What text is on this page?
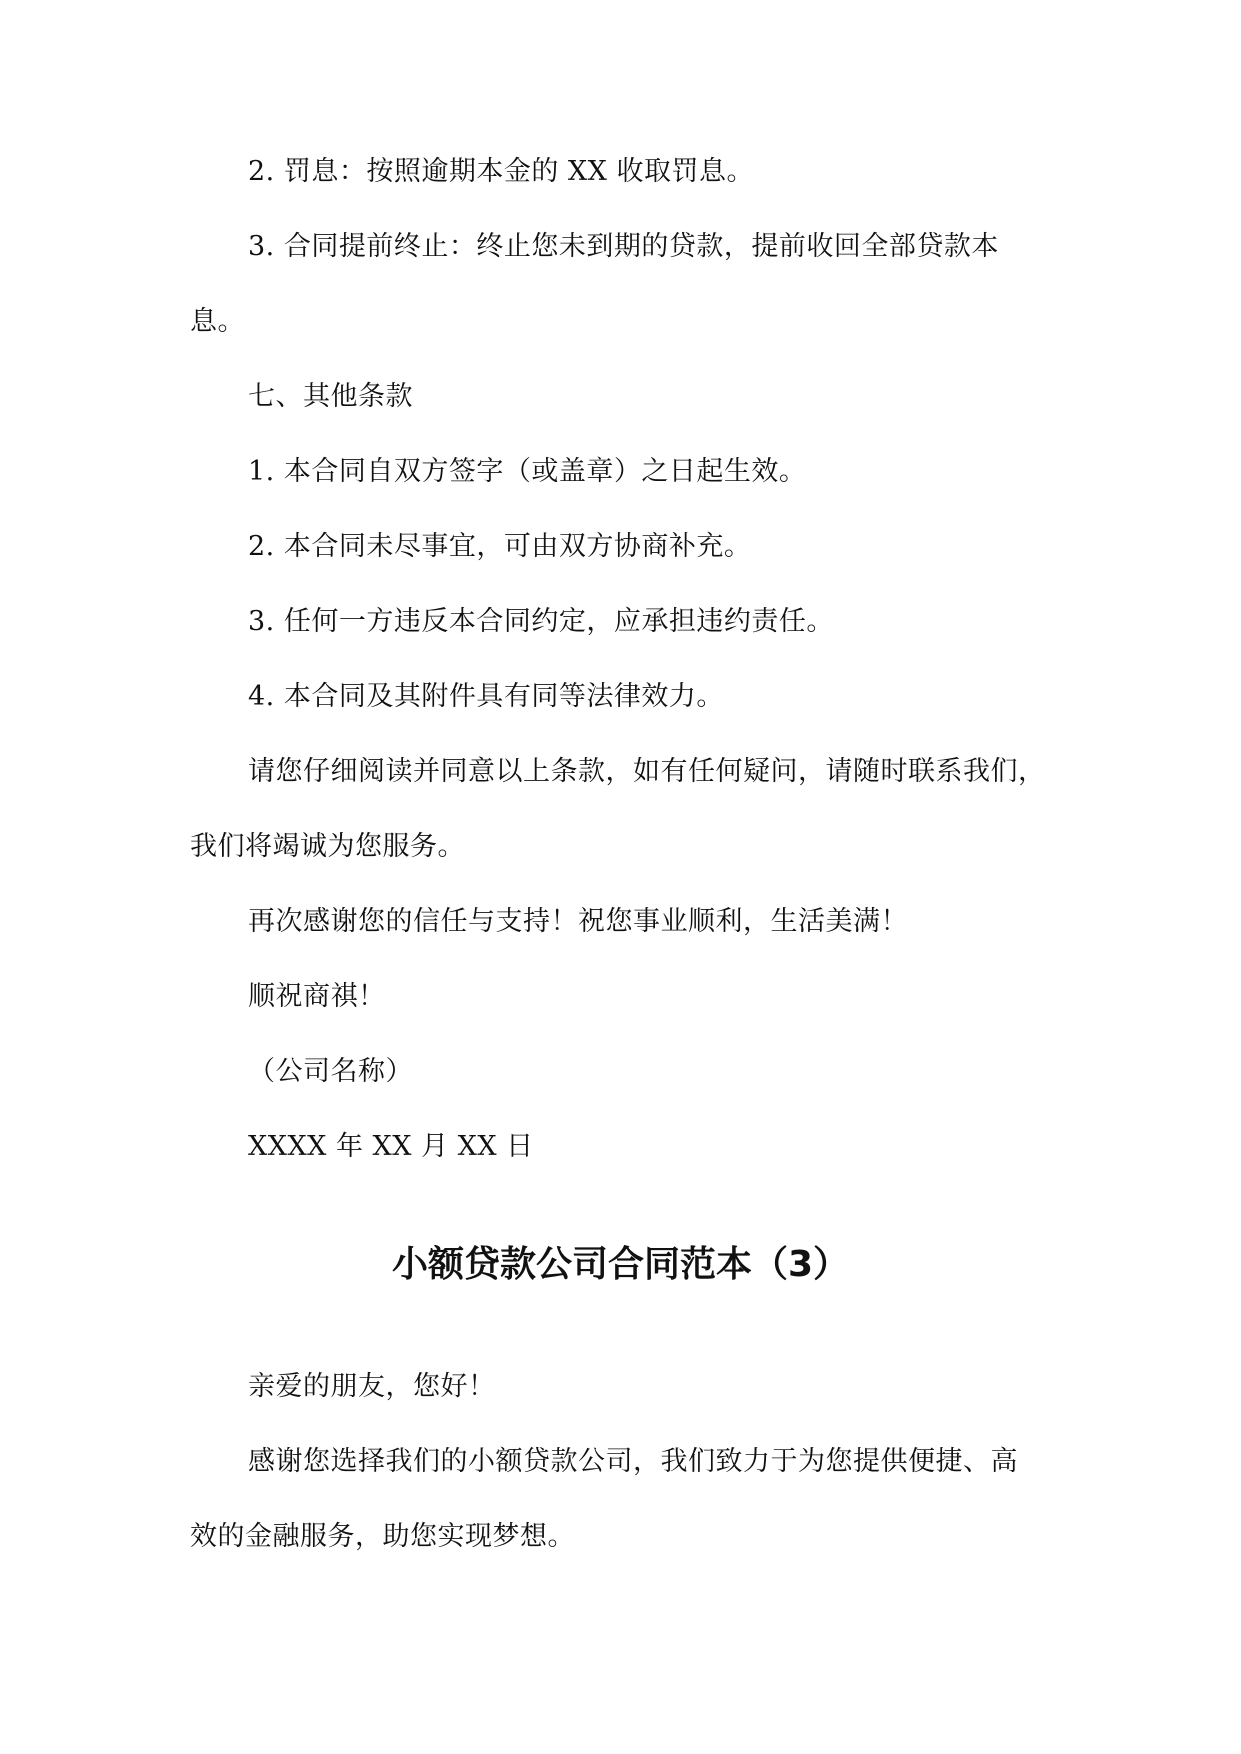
2. 罚息：按照逾期本金的 XX 收取罚息。
3. 合同提前终止：终止您未到期的贷款，提前收回全部贷款本
息。
七、其他条款
1. 本合同自双方签字（或盖章）之日起生效。
2. 本合同未尽事宜，可由双方协商补充。
3. 任何一方违反本合同约定，应承担违约责任。
4. 本合同及其附件具有同等法律效力。
请您仔细阅读并同意以上条款，如有任何疑问，请随时联系我们，
我们将竭诚为您服务。
再次感谢您的信任与支持！祝您事业顺利，生活美满！
顺祝商祺！
（公司名称）
XXXX 年 XX 月 XX 日
小额贷款公司合同范本（3）
亲爱的朋友，您好！
感谢您选择我们的小额贷款公司，我们致力于为您提供便捷、高
效的金融服务，助您实现梦想。
